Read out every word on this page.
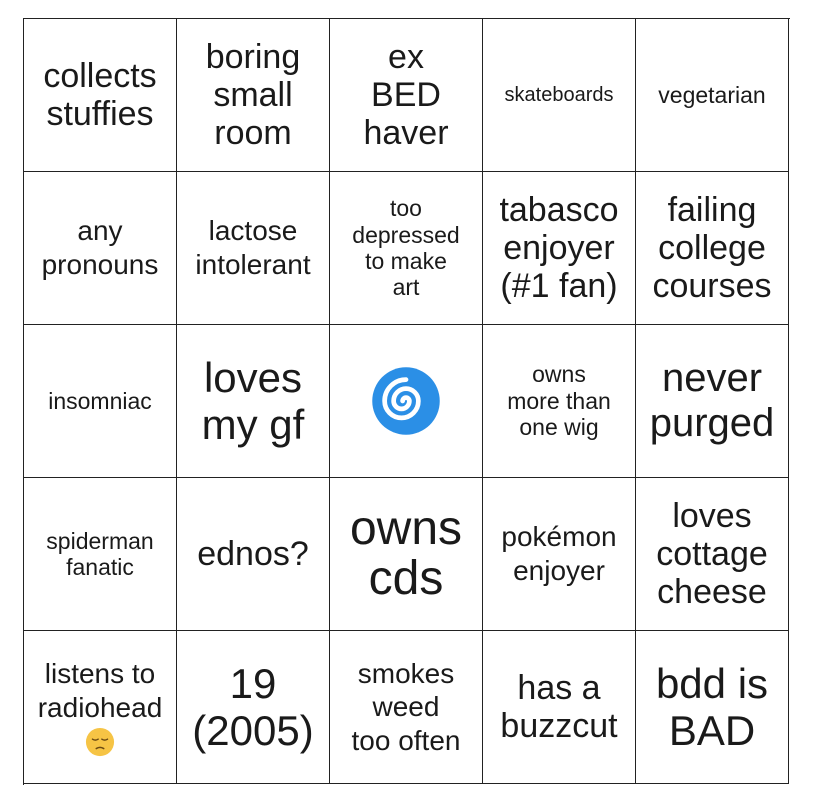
collects
stuffies
boring
small
room
ex
BED
haver
skateboards vegetarian
any
pronouns
lactose
intolerant
too
depressed
to make
art
tabasco
enjoyer
(#1 fan)
failing
college
courses
insomniac loves
my gf
owns
more than
one wig
never
purged
spiderman
fanatic	ednos? owns
cds
pokémon
enjoyer
loves
cottage
cheese
listens to
radiohead
19
(2005)
smokes
weed
too often
has a
buzzcut
bdd is
BAD
